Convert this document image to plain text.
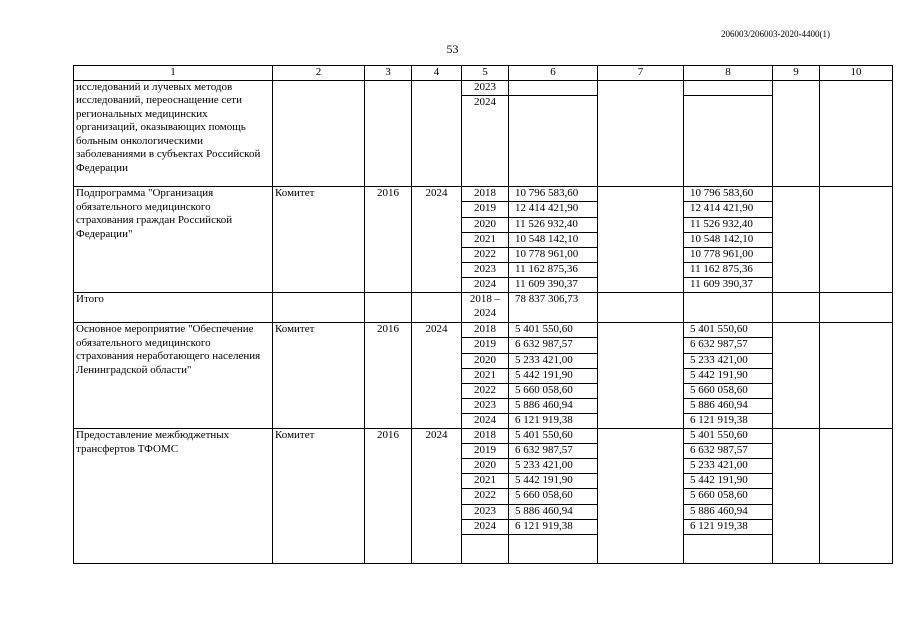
206003/206003-2020-4400(1)
53
1	2	3	4	5	6	7	8	9	10
исследований и лучевых методов исследований, переоснащение сети региональных медицинских организаций, оказывающих помощь больным онкологическими заболеваниями в субъектах Российской Федерации				2023					
				2024					
Подпрограмма "Организация обязательного медицинского страхования граждан Российской Федерации"	Комитет	2016	2024	2018	10 796 583,60		10 796 583,60		
				2019	12 414 421,90		12 414 421,90		
				2020	11 526 932,40		11 526 932,40		
				2021	10 548 142,10		10 548 142,10		
				2022	10 778 961,00		10 778 961,00		
				2023	11 162 875,36		11 162 875,36		
				2024	11 609 390,37		11 609 390,37		
Итого				2018 – 2024	78 837 306,73				
Основное мероприятие "Обеспечение обязательного медицинского страхования неработающего населения Ленинградской области"	Комитет	2016	2024	2018	5 401 550,60		5 401 550,60		
				2019	6 632 987,57		6 632 987,57		
				2020	5 233 421,00		5 233 421,00		
				2021	5 442 191,90		5 442 191,90		
				2022	5 660 058,60		5 660 058,60		
				2023	5 886 460,94		5 886 460,94		
				2024	6 121 919,38		6 121 919,38		
Предоставление межбюджетных трансфертов ТФОМС	Комитет	2016	2024	2018	5 401 550,60		5 401 550,60		
				2019	6 632 987,57		6 632 987,57		
				2020	5 233 421,00		5 233 421,00		
				2021	5 442 191,90		5 442 191,90		
				2022	5 660 058,60		5 660 058,60		
				2023	5 886 460,94		5 886 460,94		
				2024	6 121 919,38		6 121 919,38		
